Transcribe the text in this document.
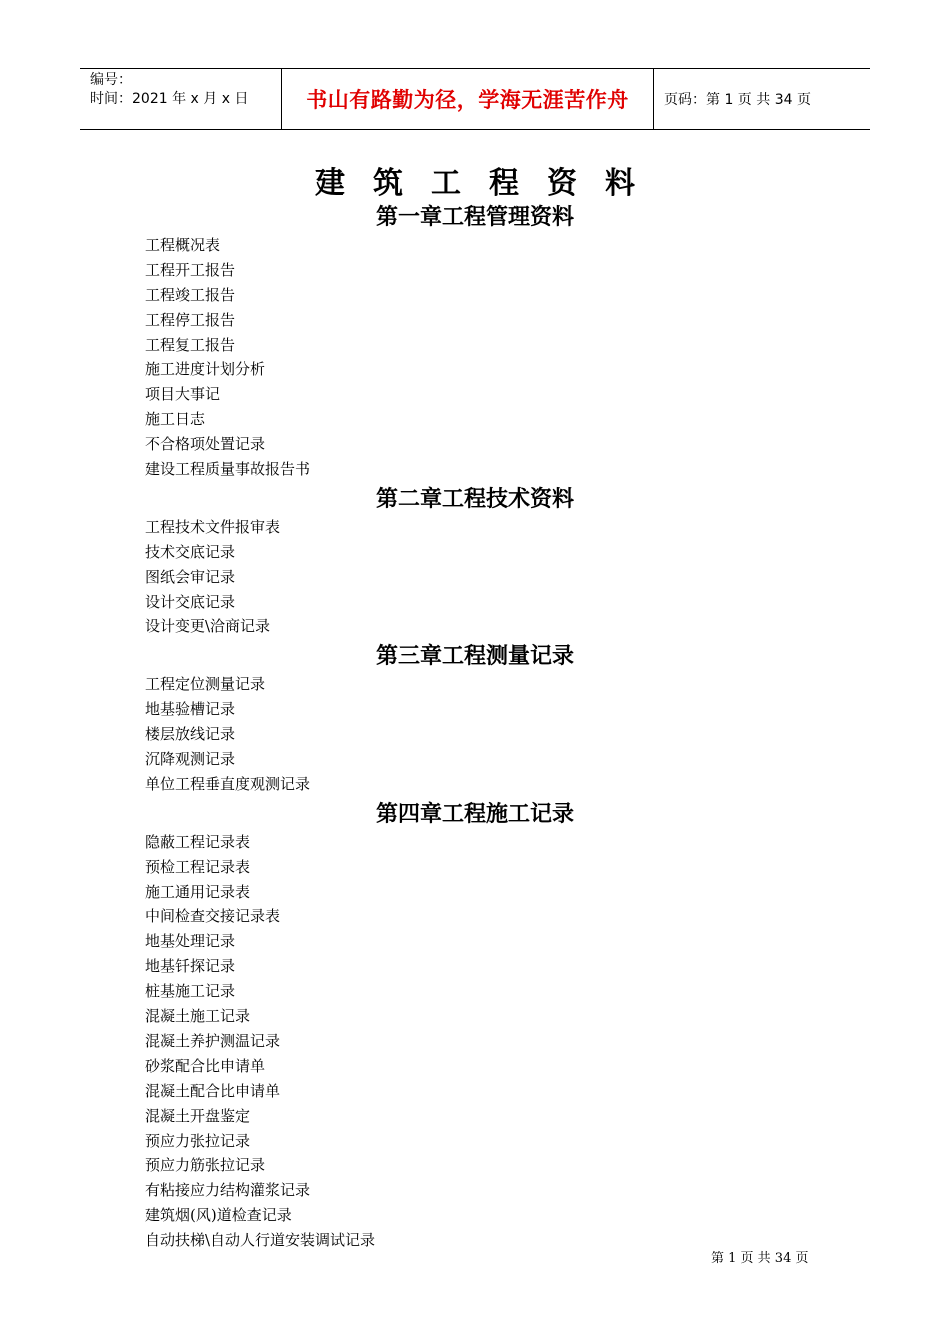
编号：
时间：2021 年 x 月 x 日	书山有路勤为径，学海无涯苦作舟	页码：第 1 页 共 34 页
建筑工程资料
第一章工程管理资料
工程概况表
工程开工报告
工程竣工报告
工程停工报告
工程复工报告
施工进度计划分析
项目大事记
施工日志
不合格项处置记录
建设工程质量事故报告书
第二章工程技术资料
工程技术文件报审表
技术交底记录
图纸会审记录
设计交底记录
设计变更\洽商记录
第三章工程测量记录
工程定位测量记录
地基验槽记录
楼层放线记录
沉降观测记录
单位工程垂直度观测记录
第四章工程施工记录
隐蔽工程记录表
预检工程记录表
施工通用记录表
中间检查交接记录表
地基处理记录
地基钎探记录
桩基施工记录
混凝土施工记录
混凝土养护测温记录
砂浆配合比申请单
混凝土配合比申请单
混凝土开盘鉴定
预应力张拉记录
预应力筋张拉记录
有粘接应力结构灌浆记录
建筑烟(风)道检查记录
自动扶梯\自动人行道安装调试记录
第 1 页 共 34 页
